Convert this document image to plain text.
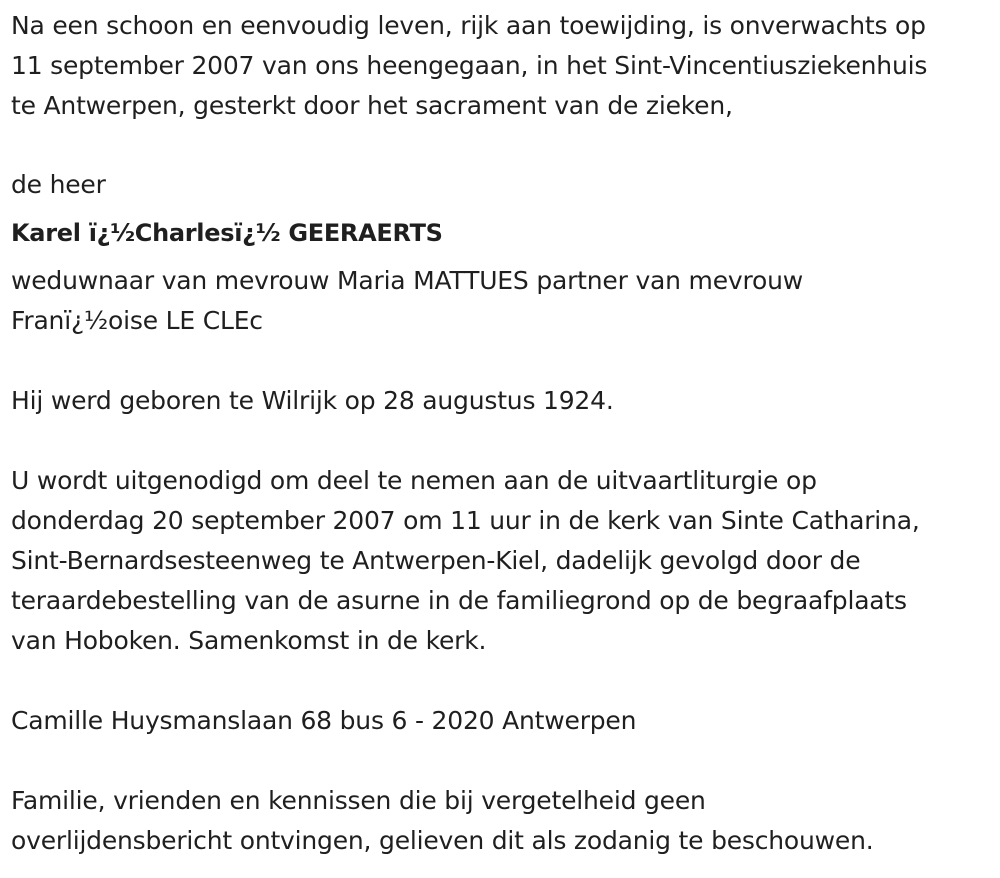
Na een schoon en eenvoudig leven, rijk aan toewijding, is onverwachts op
11 september 2007 van ons heengegaan, in het Sint-Vincentiusziekenhuis
te Antwerpen, gesterkt door het sacrament van de zieken,
de heer
Karel ï¿½Charlesï¿½ GEERAERTS
weduwnaar van mevrouw Maria MATTUES partner van mevrouw
Franï¿½oise LE CLEc
Hij werd geboren te Wilrijk op 28 augustus 1924.
U wordt uitgenodigd om deel te nemen aan de uitvaartliturgie op
donderdag 20 september 2007 om 11 uur in de kerk van Sinte Catharina,
Sint-Bernardsesteenweg te Antwerpen-Kiel, dadelijk gevolgd door de
teraardebestelling van de asurne in de familiegrond op de begraafplaats
van Hoboken. Samenkomst in de kerk.
Camille Huysmanslaan 68 bus 6 - 2020 Antwerpen
Familie, vrienden en kennissen die bij vergetelheid geen
overlijdensbericht ontvingen, gelieven dit als zodanig te beschouwen.
